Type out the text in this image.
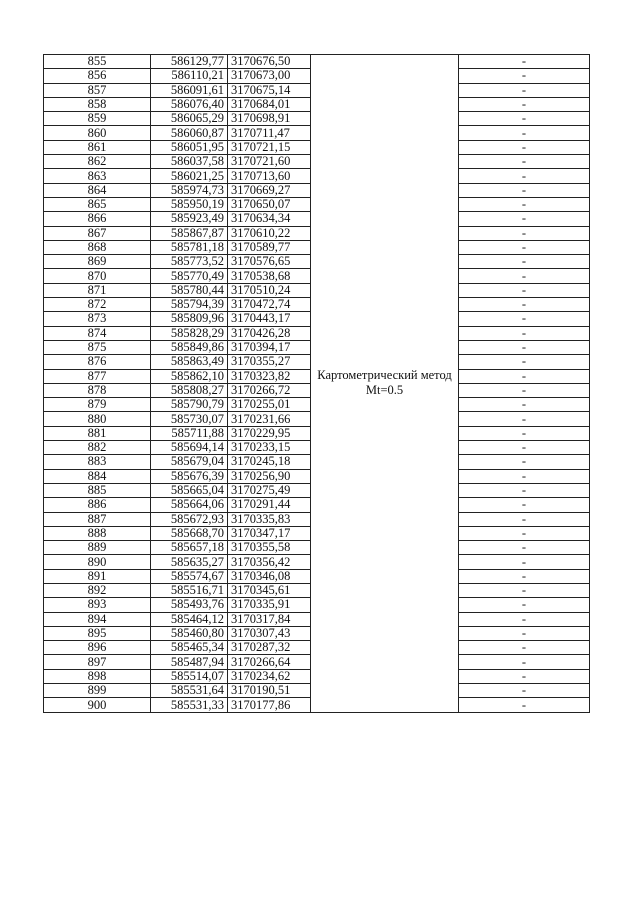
855	586129,77	3170676,50	Картометрический метод Mt=0.5	-
856	586110,21	3170673,00		-
857	586091,61	3170675,14		-
858	586076,40	3170684,01		-
859	586065,29	3170698,91		-
860	586060,87	3170711,47		-
861	586051,95	3170721,15		-
862	586037,58	3170721,60		-
863	586021,25	3170713,60		-
864	585974,73	3170669,27		-
865	585950,19	3170650,07		-
866	585923,49	3170634,34		-
867	585867,87	3170610,22		-
868	585781,18	3170589,77		-
869	585773,52	3170576,65		-
870	585770,49	3170538,68		-
871	585780,44	3170510,24		-
872	585794,39	3170472,74		-
873	585809,96	3170443,17		-
874	585828,29	3170426,28		-
875	585849,86	3170394,17		-
876	585863,49	3170355,27		-
877	585862,10	3170323,82		-
878	585808,27	3170266,72		-
879	585790,79	3170255,01		-
880	585730,07	3170231,66		-
881	585711,88	3170229,95		-
882	585694,14	3170233,15		-
883	585679,04	3170245,18		-
884	585676,39	3170256,90		-
885	585665,04	3170275,49		-
886	585664,06	3170291,44		-
887	585672,93	3170335,83		-
888	585668,70	3170347,17		-
889	585657,18	3170355,58		-
890	585635,27	3170356,42		-
891	585574,67	3170346,08		-
892	585516,71	3170345,61		-
893	585493,76	3170335,91		-
894	585464,12	3170317,84		-
895	585460,80	3170307,43		-
896	585465,34	3170287,32		-
897	585487,94	3170266,64		-
898	585514,07	3170234,62		-
899	585531,64	3170190,51		-
900	585531,33	3170177,86		-
